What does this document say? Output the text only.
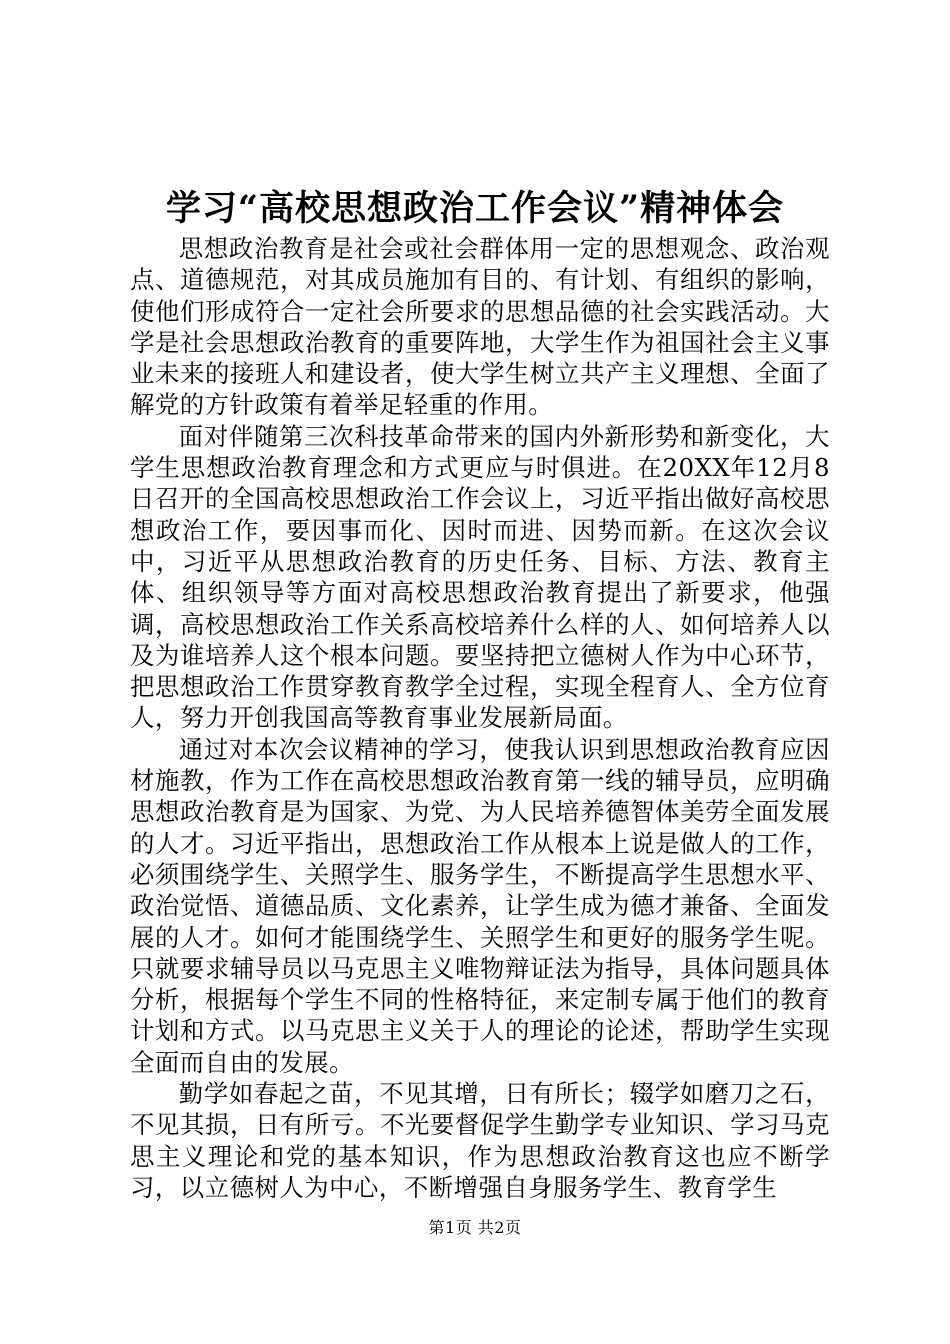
学习“高校思想政治工作会议”精神体会

思想政治教育是社会或社会群体用一定的思想观念、政治观点、道德规范，对其成员施加有目的、有计划、有组织的影响，使他们形成符合一定社会所要求的思想品德的社会实践活动。大学是社会思想政治教育的重要阵地，大学生作为祖国社会主义事业未来的接班人和建设者，使大学生树立共产主义理想、全面了解党的方针政策有着举足轻重的作用。

面对伴随第三次科技革命带来的国内外新形势和新变化，大学生思想政治教育理念和方式更应与时俱进。在20XX年12月8日召开的全国高校思想政治工作会议上，习近平指出做好高校思想政治工作，要因事而化、因时而进、因势而新。在这次会议中，习近平从思想政治教育的历史任务、目标、方法、教育主体、组织领导等方面对高校思想政治教育提出了新要求，他强调，高校思想政治工作关系高校培养什么样的人、如何培养人以及为谁培养人这个根本问题。要坚持把立德树人作为中心环节，把思想政治工作贯穿教育教学全过程，实现全程育人、全方位育人，努力开创我国高等教育事业发展新局面。

通过对本次会议精神的学习，使我认识到思想政治教育应因材施教，作为工作在高校思想政治教育第一线的辅导员，应明确思想政治教育是为国家、为党、为人民培养德智体美劳全面发展的人才。习近平指出，思想政治工作从根本上说是做人的工作，必须围绕学生、关照学生、服务学生，不断提高学生思想水平、政治觉悟、道德品质、文化素养，让学生成为德才兼备、全面发展的人才。如何才能围绕学生、关照学生和更好的服务学生呢。只就要求辅导员以马克思主义唯物辩证法为指导，具体问题具体分析，根据每个学生不同的性格特征，来定制专属于他们的教育计划和方式。以马克思主义关于人的理论的论述，帮助学生实现全面而自由的发展。

勤学如春起之苗，不见其增，日有所长；辍学如磨刀之石，不见其损，日有所亏。不光要督促学生勤学专业知识、学习马克思主义理论和党的基本知识，作为思想政治教育这也应不断学习，以立德树人为中心，不断增强自身服务学生、教育学生

第1页 共2页
